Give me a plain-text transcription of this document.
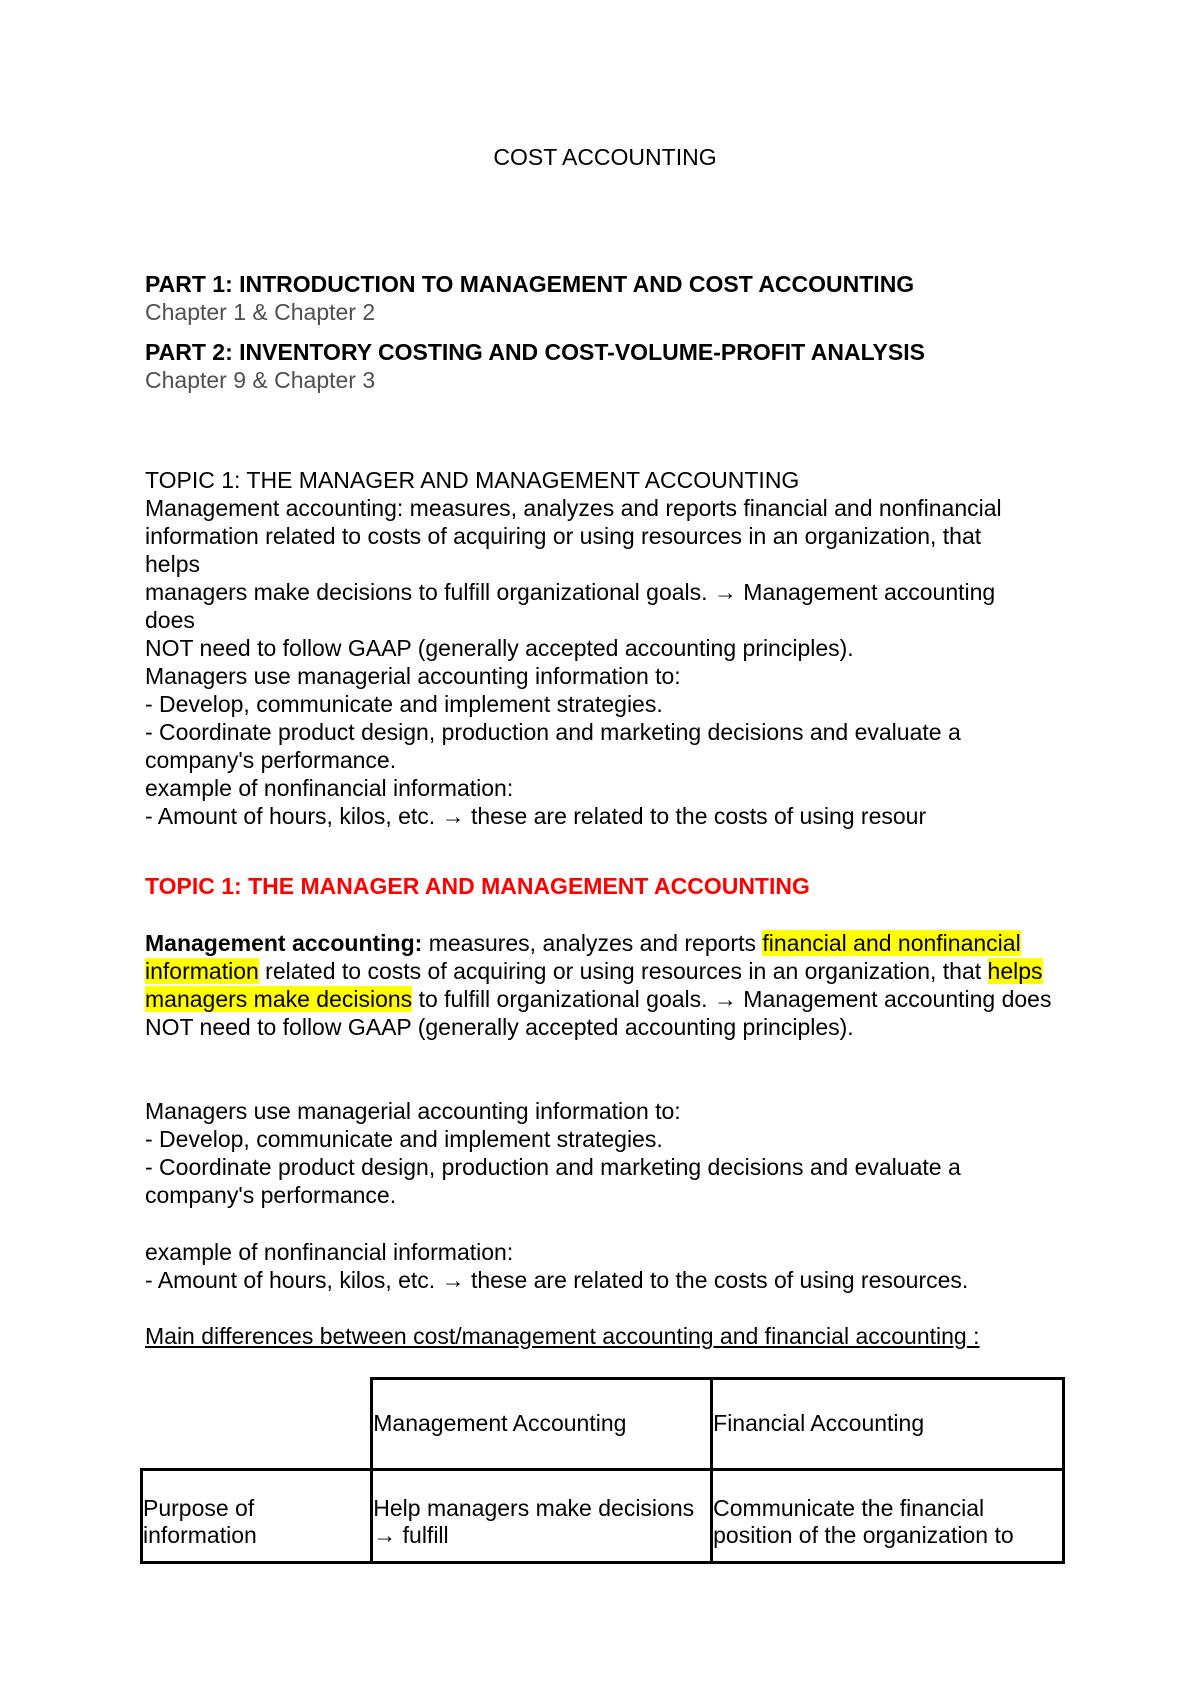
COST ACCOUNTING

PART 1: INTRODUCTION TO MANAGEMENT AND COST ACCOUNTING

Chapter 1 & Chapter 2

PART 2: INVENTORY COSTING AND COST-VOLUME-PROFIT ANALYSIS

Chapter 9 & Chapter 3

TOPIC 1: THE MANAGER AND MANAGEMENT ACCOUNTING

Management accounting: measures, analyzes and reports financial and nonfinancial

information related to costs of acquiring or using resources in an organization, that

helps

managers make decisions to fulfill organizational goals. → Management accounting

does

NOT need to follow GAAP (generally accepted accounting principles).

Managers use managerial accounting information to:

- Develop, communicate and implement strategies.

- Coordinate product design, production and marketing decisions and evaluate a

company's performance.

example of nonfinancial information:

- Amount of hours, kilos, etc. → these are related to the costs of using resour

TOPIC 1: THE MANAGER AND MANAGEMENT ACCOUNTING

Management accounting: measures, analyzes and reports financial and nonfinancial information related to costs of acquiring or using resources in an organization, that helps managers make decisions to fulfill organizational goals. → Management accounting does NOT need to follow GAAP (generally accepted accounting principles).

Managers use managerial accounting information to:

- Develop, communicate and implement strategies.

- Coordinate product design, production and marketing decisions and evaluate a company's performance.

example of nonfinancial information:

- Amount of hours, kilos, etc. → these are related to the costs of using resources.

Main differences between cost/management accounting and financial accounting :

	Management Accounting	Financial Accounting

Purpose of information	Help managers make decisions → fulfill	Communicate the financial position of the organization to
